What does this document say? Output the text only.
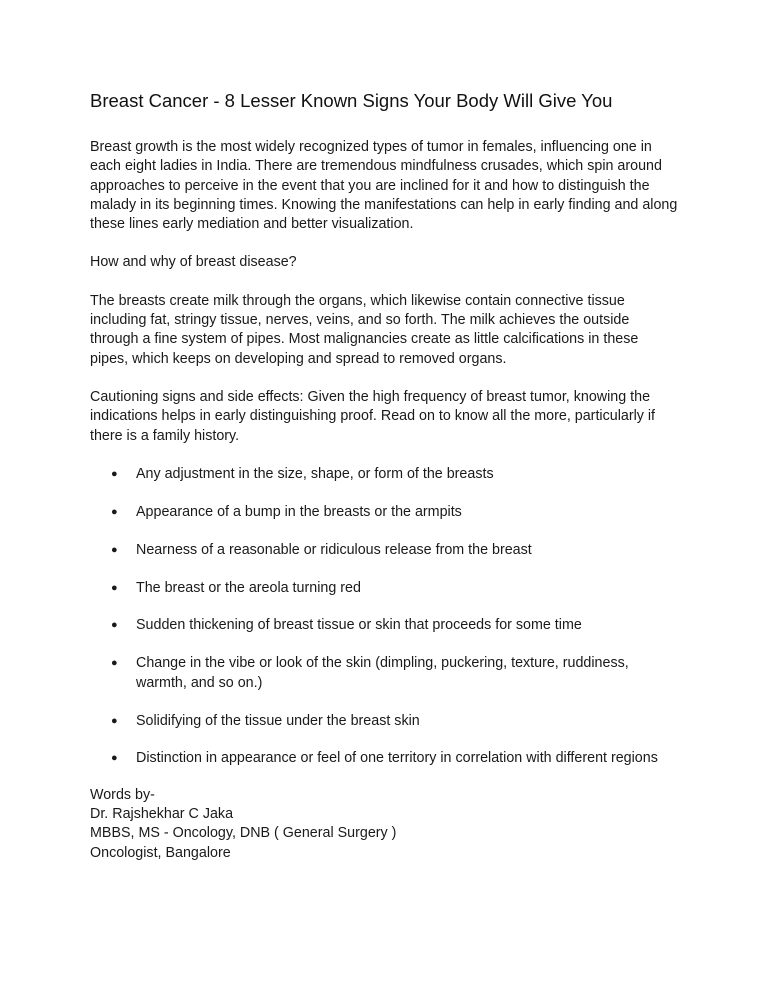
Breast Cancer - 8 Lesser Known Signs Your Body Will Give You

Breast growth is the most widely recognized types of tumor in females, influencing one in each eight ladies in India. There are tremendous mindfulness crusades, which spin around approaches to perceive in the event that you are inclined for it and how to distinguish the malady in its beginning times. Knowing the manifestations can help in early finding and along these lines early mediation and better visualization.

How and why of breast disease?

The breasts create milk through the organs, which likewise contain connective tissue including fat, stringy tissue, nerves, veins, and so forth. The milk achieves the outside through a fine system of pipes. Most malignancies create as little calcifications in these pipes, which keeps on developing and spread to removed organs.

Cautioning signs and side effects: Given the high frequency of breast tumor, knowing the indications helps in early distinguishing proof. Read on to know all the more, particularly if there is a family history.

● Any adjustment in the size, shape, or form of the breasts
● Appearance of a bump in the breasts or the armpits
● Nearness of a reasonable or ridiculous release from the breast
● The breast or the areola turning red
● Sudden thickening of breast tissue or skin that proceeds for some time
● Change in the vibe or look of the skin (dimpling, puckering, texture, ruddiness, warmth, and so on.)
● Solidifying of the tissue under the breast skin
● Distinction in appearance or feel of one territory in correlation with different regions
Words by-
Dr. Rajshekhar C Jaka
MBBS, MS - Oncology, DNB ( General Surgery )
Oncologist, Bangalore
